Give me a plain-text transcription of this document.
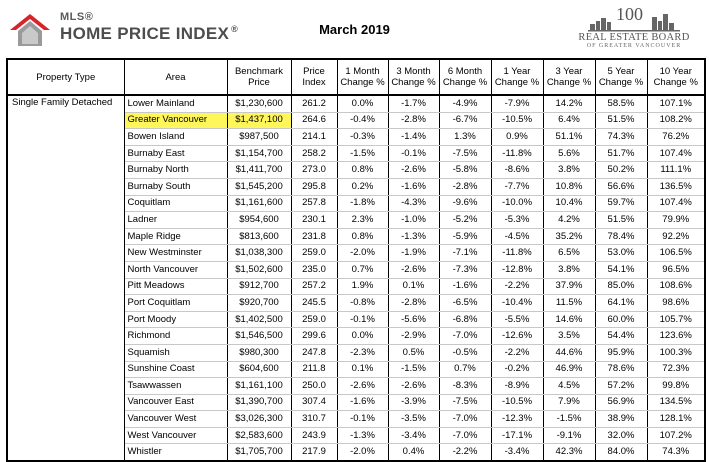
MLS®
HOME PRICE INDEX ®	March 2019
100
REAL ESTATE BOARD
OF GREATER VANCOUVER
Property Type	Area	Benchmark Price	Price Index	1 Month Change %	3 Month Change %	6 Month Change %	1 Year Change %	3 Year Change %	5 Year Change %	10 Year Change %
Single Family Detached	Lower Mainland	$1,230,600	261.2	0.0%	-1.7%	-4.9%	-7.9%	14.2%	58.5%	107.1%
	Greater Vancouver	$1,437,100	264.6	-0.4%	-2.8%	-6.7%	-10.5%	6.4%	51.5%	108.2%
	Bowen Island	$987,500	214.1	-0.3%	-1.4%	1.3%	0.9%	51.1%	74.3%	76.2%
	Burnaby East	$1,154,700	258.2	-1.5%	-0.1%	-7.5%	-11.8%	5.6%	51.7%	107.4%
	Burnaby North	$1,411,700	273.0	0.8%	-2.6%	-5.8%	-8.6%	3.8%	50.2%	111.1%
	Burnaby South	$1,545,200	295.8	0.2%	-1.6%	-2.8%	-7.7%	10.8%	56.6%	136.5%
	Coquitlam	$1,161,600	257.8	-1.8%	-4.3%	-9.6%	-10.0%	10.4%	59.7%	107.4%
	Ladner	$954,600	230.1	2.3%	-1.0%	-5.2%	-5.3%	4.2%	51.5%	79.9%
	Maple Ridge	$813,600	231.8	0.8%	-1.3%	-5.9%	-4.5%	35.2%	78.4%	92.2%
	New Westminster	$1,038,300	259.0	-2.0%	-1.9%	-7.1%	-11.8%	6.5%	53.0%	106.5%
	North Vancouver	$1,502,600	235.0	0.7%	-2.6%	-7.3%	-12.8%	3.8%	54.1%	96.5%
	Pitt Meadows	$912,700	257.2	1.9%	0.1%	-1.6%	-2.2%	37.9%	85.0%	108.6%
	Port Coquitlam	$920,700	245.5	-0.8%	-2.8%	-6.5%	-10.4%	11.5%	64.1%	98.6%
	Port Moody	$1,402,500	259.0	-0.1%	-5.6%	-6.8%	-5.5%	14.6%	60.0%	105.7%
	Richmond	$1,546,500	299.6	0.0%	-2.9%	-7.0%	-12.6%	3.5%	54.4%	123.6%
	Squamish	$980,300	247.8	-2.3%	0.5%	-0.5%	-2.2%	44.6%	95.9%	100.3%
	Sunshine Coast	$604,600	211.8	0.1%	-1.5%	0.7%	-0.2%	46.9%	78.6%	72.3%
	Tsawwassen	$1,161,100	250.0	-2.6%	-2.6%	-8.3%	-8.9%	4.5%	57.2%	99.8%
	Vancouver East	$1,390,700	307.4	-1.6%	-3.9%	-7.5%	-10.5%	7.9%	56.9%	134.5%
	Vancouver West	$3,026,300	310.7	-0.1%	-3.5%	-7.0%	-12.3%	-1.5%	38.9%	128.1%
	West Vancouver	$2,583,600	243.9	-1.3%	-3.4%	-7.0%	-17.1%	-9.1%	32.0%	107.2%
	Whistler	$1,705,700	217.9	-2.0%	0.4%	-2.2%	-3.4%	42.3%	84.0%	74.3%
